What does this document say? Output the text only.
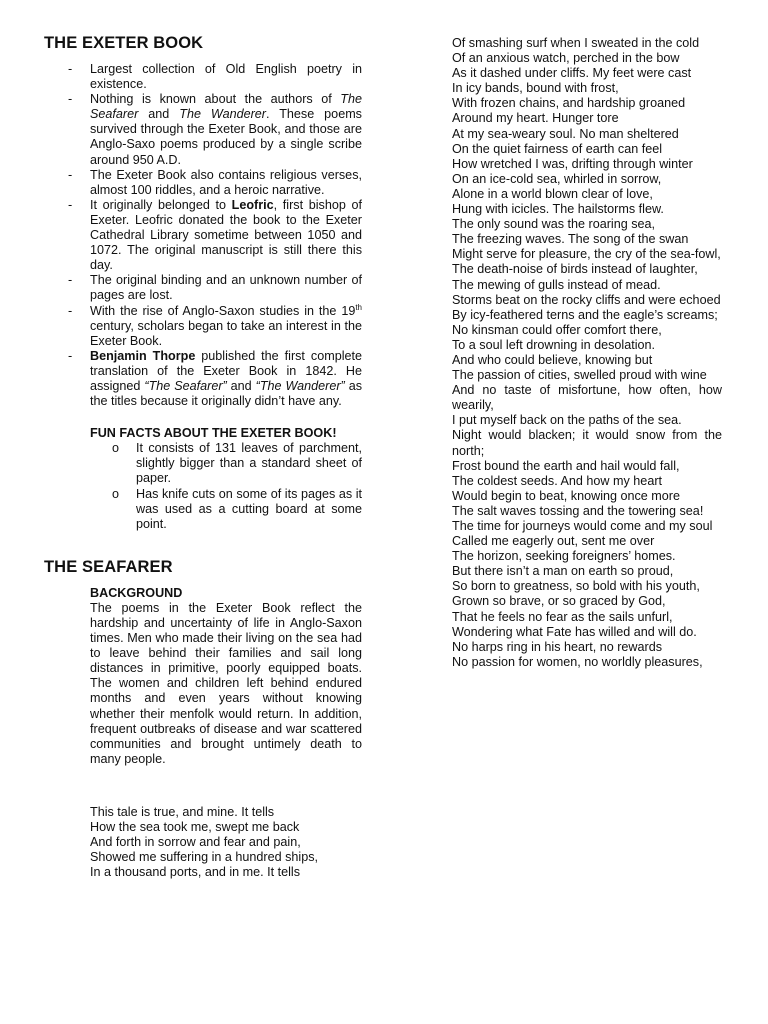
THE EXETER BOOK
- Largest collection of Old English poetry in existence.
- Nothing is known about the authors of The Seafarer and The Wanderer. These poems survived through the Exeter Book, and those are Anglo-Saxo poems produced by a single scribe around 950 A.D.
- The Exeter Book also contains religious verses, almost 100 riddles, and a heroic narrative.
- It originally belonged to Leofric, first bishop of Exeter. Leofric donated the book to the Exeter Cathedral Library sometime between 1050 and 1072. The original manuscript is still there this day.
- The original binding and an unknown number of pages are lost.
- With the rise of Anglo-Saxon studies in the 19th century, scholars began to take an interest in the Exeter Book.
- Benjamin Thorpe published the first complete translation of the Exeter Book in 1842. He assigned “The Seafarer” and “The Wanderer” as the titles because it originally didn’t have any.
FUN FACTS ABOUT THE EXETER BOOK!
o It consists of 131 leaves of parchment, slightly bigger than a standard sheet of paper.
o Has knife cuts on some of its pages as it was used as a cutting board at some point.
THE SEAFARER
BACKGROUND

The poems in the Exeter Book reflect the hardship and uncertainty of life in Anglo-Saxon times. Men who made their living on the sea had to leave behind their families and sail long distances in primitive, poorly equipped boats. The women and children left behind endured months and even years without knowing whether their menfolk would return. In addition, frequent outbreaks of disease and war scattered communities and brought untimely death to many people.

This tale is true, and mine. It tells

How the sea took me, swept me back

And forth in sorrow and fear and pain,

Showed me suffering in a hundred ships,

In a thousand ports, and in me. It tells

Of smashing surf when I sweated in the cold

Of an anxious watch, perched in the bow

As it dashed under cliffs. My feet were cast

In icy bands, bound with frost,

With frozen chains, and hardship groaned

Around my heart. Hunger tore

At my sea-weary soul. No man sheltered

On the quiet fairness of earth can feel

How wretched I was, drifting through winter

On an ice-cold sea, whirled in sorrow,

Alone in a world blown clear of love,

Hung with icicles. The hailstorms flew.

The only sound was the roaring sea,

The freezing waves. The song of the swan

Might serve for pleasure, the cry of the sea-fowl,

The death-noise of birds instead of laughter,

The mewing of gulls instead of mead.

Storms beat on the rocky cliffs and were echoed

By icy-feathered terns and the eagle’s screams;

No kinsman could offer comfort there,

To a soul left drowning in desolation.

And who could believe, knowing but

The passion of cities, swelled proud with wine

And no taste of misfortune, how often, how wearily,

I put myself back on the paths of the sea.

Night would blacken; it would snow from the north;

Frost bound the earth and hail would fall,

The coldest seeds. And how my heart

Would begin to beat, knowing once more

The salt waves tossing and the towering sea!

The time for journeys would come and my soul

Called me eagerly out, sent me over

The horizon, seeking foreigners’ homes.

But there isn’t a man on earth so proud,

So born to greatness, so bold with his youth,

Grown so brave, or so graced by God,

That he feels no fear as the sails unfurl,

Wondering what Fate has willed and will do.

No harps ring in his heart, no rewards

No passion for women, no worldly pleasures,
